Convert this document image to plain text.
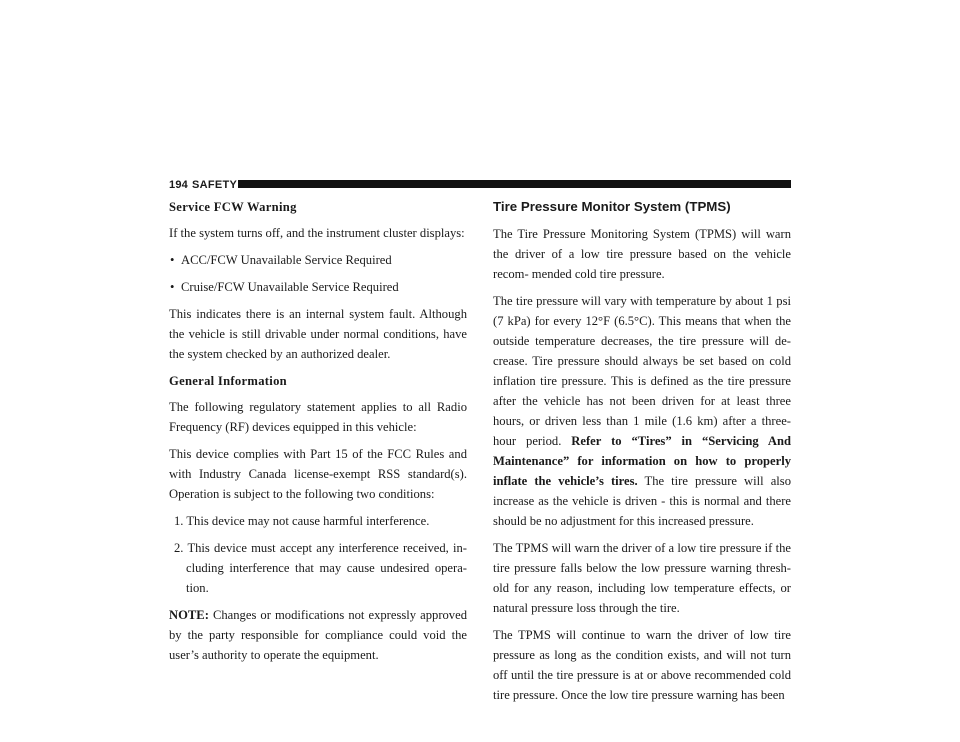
194 SAFETY

Service FCW Warning

If the system turns off, and the instrument cluster displays:

• ACC/FCW Unavailable Service Required
• Cruise/FCW Unavailable Service Required

This indicates there is an internal system fault. Although the vehicle is still drivable under normal conditions, have the system checked by an authorized dealer.

General Information

The following regulatory statement applies to all Radio Frequency (RF) devices equipped in this vehicle:

This device complies with Part 15 of the FCC Rules and with Industry Canada license-exempt RSS standard(s). Operation is subject to the following two conditions:

1. This device may not cause harmful interference.

2. This device must accept any interference received, in- cluding interference that may cause undesired opera- tion.

NOTE: Changes or modifications not expressly approved by the party responsible for compliance could void the user’s authority to operate the equipment.

Tire Pressure Monitor System (TPMS)

The Tire Pressure Monitoring System (TPMS) will warn the driver of a low tire pressure based on the vehicle recom- mended cold tire pressure.

The tire pressure will vary with temperature by about 1 psi (7 kPa) for every 12°F (6.5°C). This means that when the outside temperature decreases, the tire pressure will de- crease. Tire pressure should always be set based on cold inflation tire pressure. This is defined as the tire pressure after the vehicle has not been driven for at least three hours, or driven less than 1 mile (1.6 km) after a three-hour period. Refer to “Tires” in “Servicing And Maintenance” for information on how to properly inflate the vehicle’s tires. The tire pressure will also increase as the vehicle is driven - this is normal and there should be no adjustment for this increased pressure.

The TPMS will warn the driver of a low tire pressure if the tire pressure falls below the low pressure warning thresh- old for any reason, including low temperature effects, or natural pressure loss through the tire.

The TPMS will continue to warn the driver of low tire pressure as long as the condition exists, and will not turn off until the tire pressure is at or above recommended cold tire pressure. Once the low tire pressure warning has been
